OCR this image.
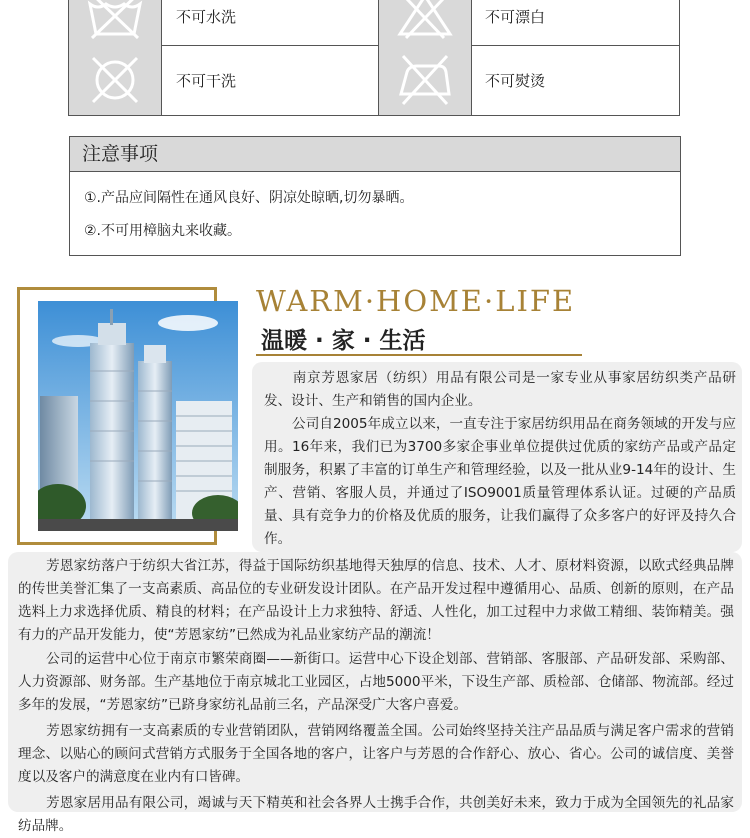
不可水洗	不可漂白
不可干洗	不可熨烫
注意事项
①.产品应间隔性在通风良好、阴凉处晾晒,切勿暴晒。
②.不可用樟脑丸来收藏。
WARM·HOME·LIFE
温暖 · 家 · 生活

南京芳恩家居（纺织）用品有限公司是一家专业从事家居纺织类产品研发、设计、生产和销售的国内企业。

公司自2005年成立以来，一直专注于家居纺织用品在商务领域的开发与应用。16年来，我们已为3700多家企事业单位提供过优质的家纺产品或产品定制服务，积累了丰富的订单生产和管理经验，以及一批从业9-14年的设计、生产、营销、客服人员，并通过了ISO9001质量管理体系认证。过硬的产品质量、具有竞争力的价格及优质的服务，让我们赢得了众多客户的好评及持久合作。

芳恩家纺落户于纺织大省江苏，得益于国际纺织基地得天独厚的信息、技术、人才、原材料资源，以欧式经典品牌的传世美誉汇集了一支高素质、高品位的专业研发设计团队。在产品开发过程中遵循用心、品质、创新的原则，在产品选料上力求选择优质、精良的材料；在产品设计上力求独特、舒适、人性化，加工过程中力求做工精细、装饰精美。强有力的产品开发能力，使“芳恩家纺”已然成为礼品业家纺产品的潮流！

公司的运营中心位于南京市繁荣商圈——新街口。运营中心下设企划部、营销部、客服部、产品研发部、采购部、人力资源部、财务部。生产基地位于南京城北工业园区，占地5000平米，下设生产部、质检部、仓储部、物流部。经过多年的发展，“芳恩家纺”已跻身家纺礼品前三名，产品深受广大客户喜爱。

芳恩家纺拥有一支高素质的专业营销团队，营销网络覆盖全国。公司始终坚持关注产品品质与满足客户需求的营销理念、以贴心的顾问式营销方式服务于全国各地的客户，让客户与芳恩的合作舒心、放心、省心。公司的诚信度、美誉度以及客户的满意度在业内有口皆碑。

芳恩家居用品有限公司，竭诚与天下精英和社会各界人士携手合作，共创美好未来，致力于成为全国领先的礼品家纺品牌。
